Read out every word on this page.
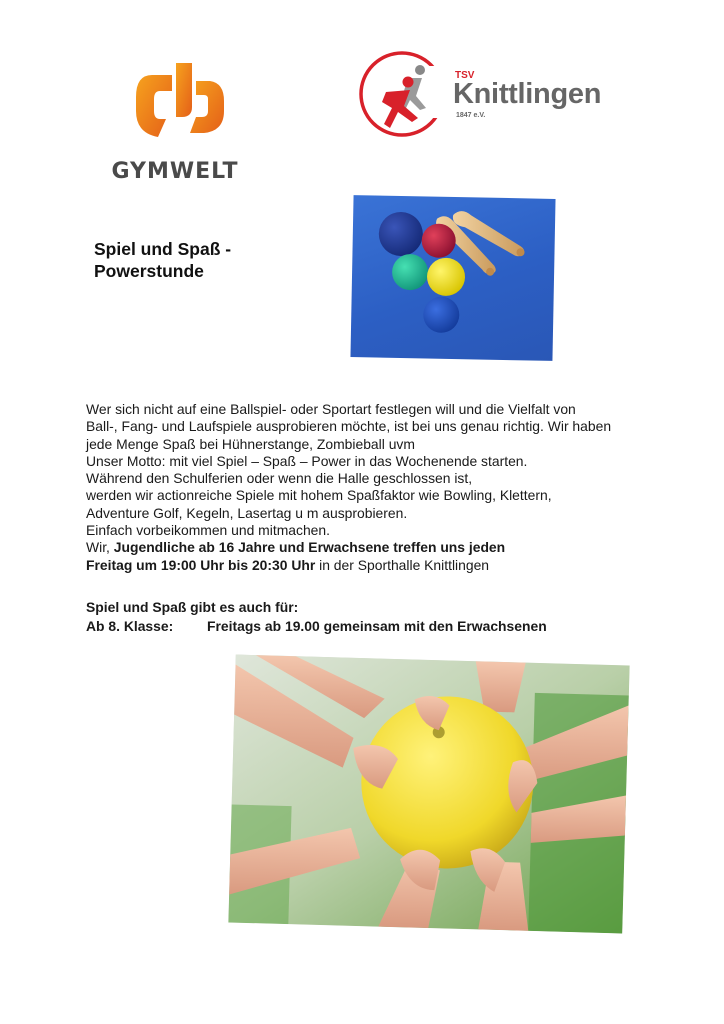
GYMWELT
TSV
Knittlingen
1847 e.V.
Spiel und Spaß -
Powerstunde

Wer sich nicht auf eine Ballspiel- oder Sportart festlegen will und die Vielfalt von

Ball-, Fang- und Laufspiele ausprobieren möchte, ist bei uns genau richtig. Wir haben

jede Menge Spaß bei Hühnerstange, Zombieball uvm

Unser Motto: mit viel Spiel – Spaß – Power in das Wochenende starten.

Während den Schulferien oder wenn die Halle geschlossen ist,

werden wir actionreiche Spiele mit hohem Spaßfaktor wie Bowling, Klettern,

Adventure Golf, Kegeln, Lasertag u m ausprobieren.

Einfach vorbeikommen und mitmachen.

Wir, Jugendliche ab 16 Jahre und Erwachsene treffen uns jeden

Freitag um 19:00 Uhr bis 20:30 Uhr in der Sporthalle Knittlingen

Spiel und Spaß gibt es auch für:

Ab 8. Klasse: Freitags ab 19.00 gemeinsam mit den Erwachsenen
